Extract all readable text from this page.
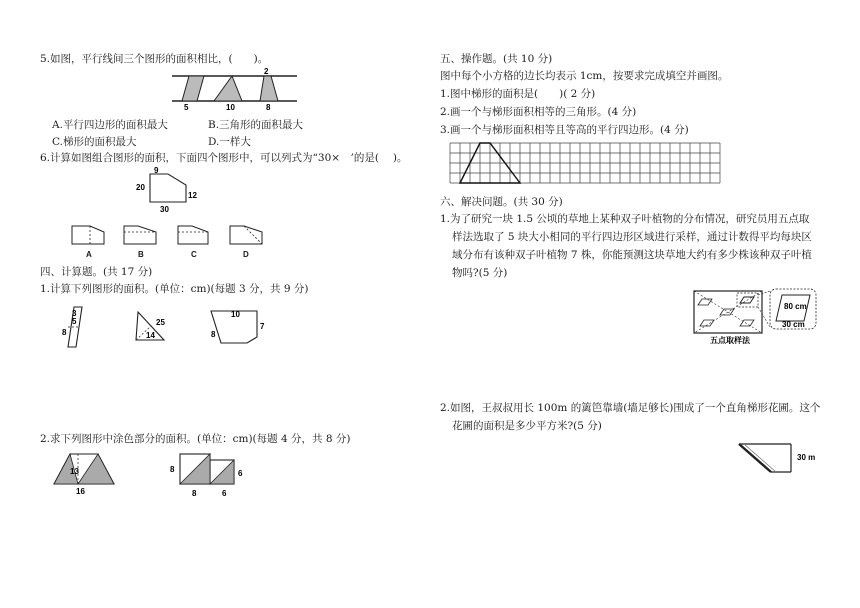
5.如图，平行线间三个图形的面积相比，(　　)。
2
5	10	8
A.平行四边形的面积最大	B.三角形的面积最大
C.梯形的面积最大	D.一样大
6.计算如图组合图形的面积，下面四个图形中，可以列式为“30×　’的是(　 )。
9
20
12
30
A	B	C	D
四、计算题。(共 17 分)
1.计算下列图形的面积。(单位：cm)(每题 3 分，共 9 分)
3
5
8
25
14
10
7
8
2.求下列图形中涂色部分的面积。(单位：cm)(每题 4 分，共 8 分)
13
16
8
8	6
6
五、操作题。(共 10 分)
图中每个小方格的边长均表示 1cm，按要求完成填空并画图。
1.图中梯形的面积是(　　)( 2 分)
2.画一个与梯形面积相等的三角形。(4 分)
3.画一个与梯形面积相等且等高的平行四边形。(4 分)
六、解决问题。(共 30 分)
1.为了研究一块 1.5 公顷的草地上某种双子叶植物的分布情况，研究员用五点取
样法选取了 5 块大小相同的平行四边形区域进行采样，通过计数得平均每块区
域分布有该种双子叶植物 7 株，你能预测这块草地大约有多少株该种双子叶植
物吗?(5 分)
80 cm
30 cm
五点取样法
2.如图，王叔叔用长 100m 的篱笆靠墙(墙足够长)围成了一个直角梯形花圃。这个
花圃的面积是多少平方米?(5 分)
30 m
